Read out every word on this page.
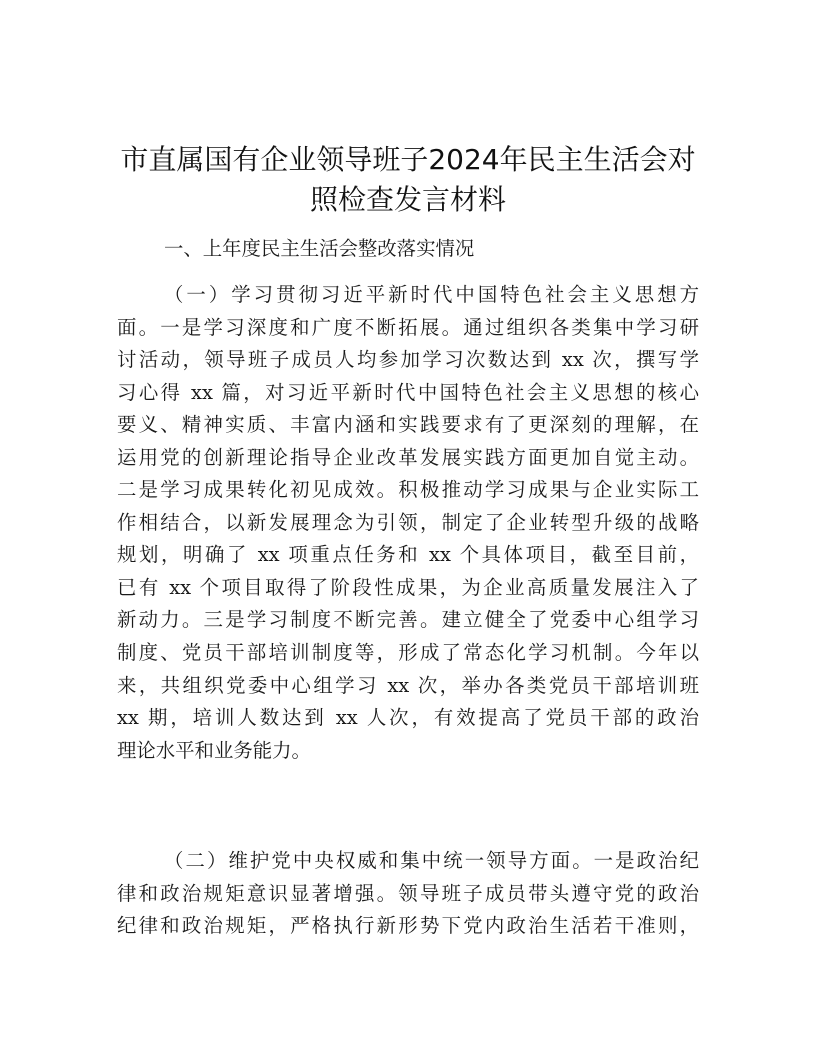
市直属国有企业领导班子2024年民主生活会对
照检查发言材料
一、上年度民主生活会整改落实情况
（一）学习贯彻习近平新时代中国特色社会主义思想方
面。一是学习深度和广度不断拓展。通过组织各类集中学习研
讨活动，领导班子成员人均参加学习次数达到 xx 次，撰写学
习心得 xx 篇，对习近平新时代中国特色社会主义思想的核心
要义、精神实质、丰富内涵和实践要求有了更深刻的理解，在
运用党的创新理论指导企业改革发展实践方面更加自觉主动。
二是学习成果转化初见成效。积极推动学习成果与企业实际工
作相结合，以新发展理念为引领，制定了企业转型升级的战略
规划，明确了 xx 项重点任务和 xx 个具体项目，截至目前，
已有 xx 个项目取得了阶段性成果，为企业高质量发展注入了
新动力。三是学习制度不断完善。建立健全了党委中心组学习
制度、党员干部培训制度等，形成了常态化学习机制。今年以
来，共组织党委中心组学习 xx 次，举办各类党员干部培训班
xx 期，培训人数达到 xx 人次，有效提高了党员干部的政治
理论水平和业务能力。
（二）维护党中央权威和集中统一领导方面。一是政治纪
律和政治规矩意识显著增强。领导班子成员带头遵守党的政治
纪律和政治规矩，严格执行新形势下党内政治生活若干准则，
